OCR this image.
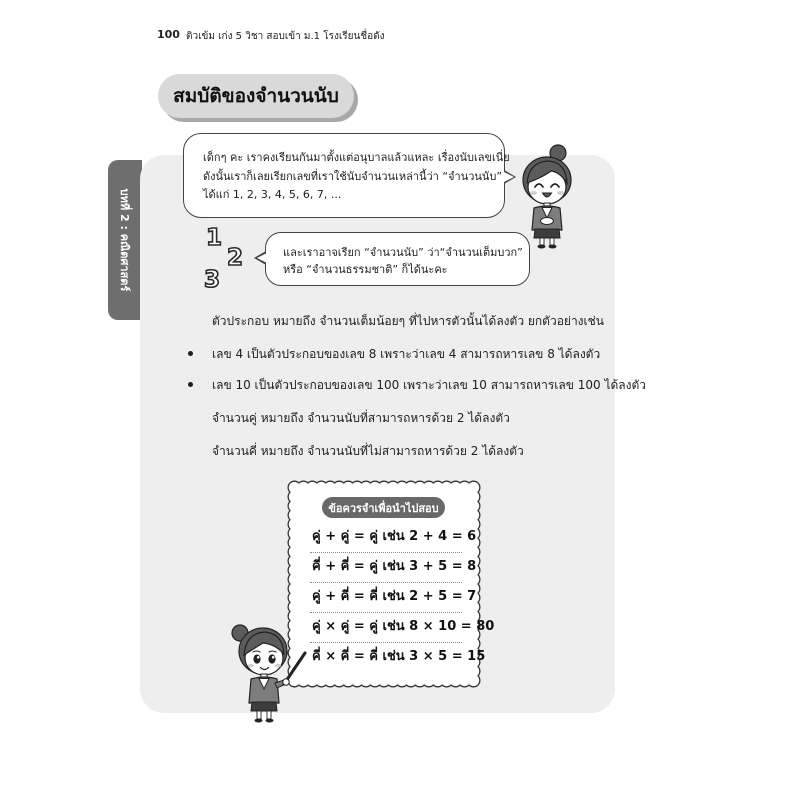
100 ติวเข้ม เก่ง 5 วิชา สอบเข้า ม.1 โรงเรียนชื่อดัง
สมบัติของจำนวนนับ
บทที่ 2 : คณิตศาสตร์
เด็กๆ คะ เราคงเรียนกันมาตั้งแต่อนุบาลแล้วแหละ เรื่องนับเลขเนี่ย
ดังนั้นเราก็เลยเรียกเลขที่เราใช้นับจำนวนเหล่านี้ว่า “จำนวนนับ”
ได้แก่ 1, 2, 3, 4, 5, 6, 7, ...
1
2
3
และเราอาจเรียก “จำนวนนับ” ว่า“จำนวนเต็มบวก”
หรือ “จำนวนธรรมชาติ” ก็ได้นะคะ
ตัวประกอบ หมายถึง จำนวนเต็มน้อยๆ ที่ไปหารตัวนั้นได้ลงตัว ยกตัวอย่างเช่น
เลข 4 เป็นตัวประกอบของเลข 8 เพราะว่าเลข 4 สามารถหารเลข 8 ได้ลงตัว
เลข 10 เป็นตัวประกอบของเลข 100 เพราะว่าเลข 10 สามารถหารเลข 100 ได้ลงตัว
จำนวนคู่ หมายถึง จำนวนนับที่สามารถหารด้วย 2 ได้ลงตัว
จำนวนคี่ หมายถึง จำนวนนับที่ไม่สามารถหารด้วย 2 ได้ลงตัว
ข้อควรจำเพื่อนำไปสอบ
คู่ + คู่ = คู่ เช่น 2 + 4 = 6
คี่ + คี่ = คู่ เช่น 3 + 5 = 8
คู่ + คี่ = คี่ เช่น 2 + 5 = 7
คู่ × คู่ = คู่ เช่น 8 × 10 = 80
คี่ × คี่ = คี่ เช่น 3 × 5 = 15
